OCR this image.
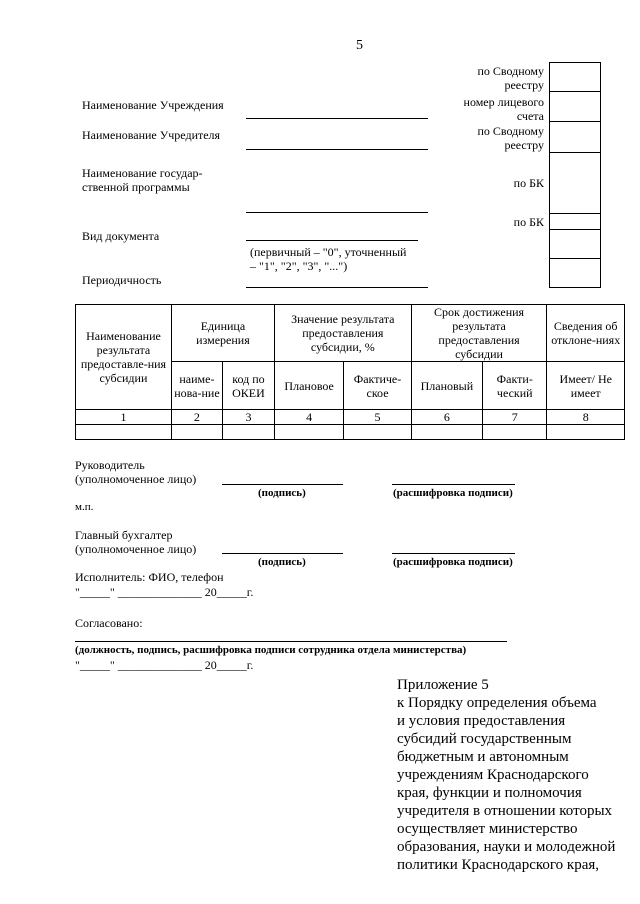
5
по Сводному
реестру
номер лицевого
счета
по Сводному
реестру
по БК
по БК
Наименование Учреждения
Наименование Учредителя
Наименование государ-
ственной программы
Вид документа
(первичный – "0", уточненный
– "1", "2", "3", "...")
Периодичность
Наименование результата предоставле-ния субсидии	Единица измерения		Значение результата предоставления субсидии, %		Срок достижения результата предоставления субсидии		Сведения об отклоне-ниях
	наиме-нова-ние	код по ОКЕИ	Плановое	Фактиче-ское	Плановый	Факти-ческий	Имеет/ Не имеет
1	2	3	4	5	6	7	8

Руководитель
(уполномоченное лицо)
(подпись)	(расшифровка подписи)
м.п.
Главный бухгалтер
(уполномоченное лицо)
(подпись)	(расшифровка подписи)
Исполнитель: ФИО, телефон
"_____" ______________ 20_____г.
Согласовано:
(должность, подпись, расшифровка подписи сотрудника отдела министерства)
"_____" ______________ 20_____г.
Приложение 5
к Порядку определения объема
и условия предоставления
субсидий государственным
бюджетным и автономным
учреждениям Краснодарского
края, функции и полномочия
учредителя в отношении которых
осуществляет министерство
образования, науки и молодежной
политики Краснодарского края,
